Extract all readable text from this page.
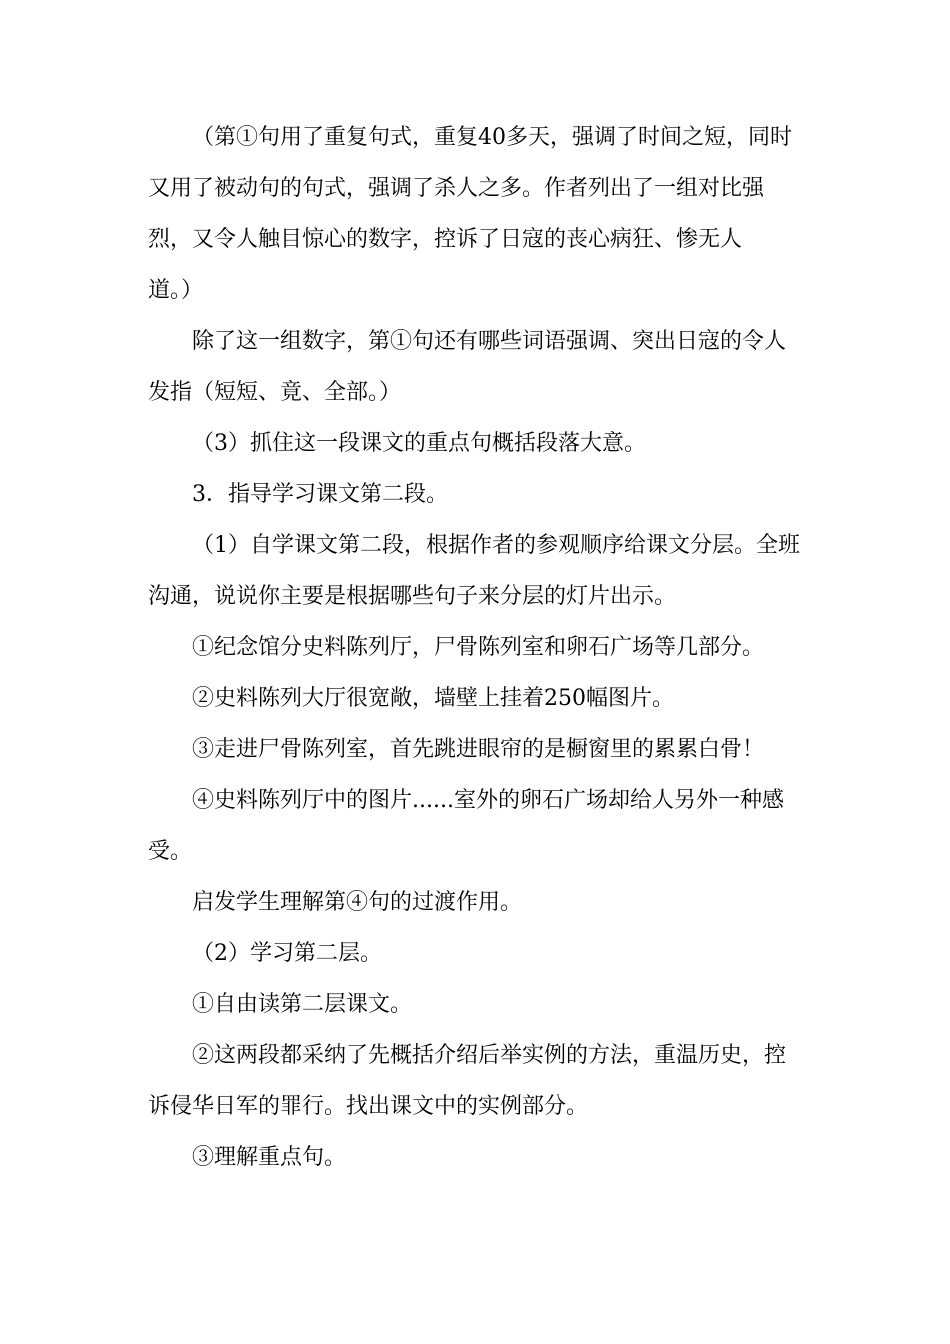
（第①句用了重复句式，重复40多天，强调了时间之短，同时又用了被动句的句式，强调了杀人之多。作者列出了一组对比强烈，又令人触目惊心的数字，控诉了日寇的丧心病狂、惨无人
道。）

除了这一组数字，第①句还有哪些词语强调、突出日寇的令人发指（短短、竟、全部。）

（3）抓住这一段课文的重点句概括段落大意。

3．指导学习课文第二段。

（1）自学课文第二段，根据作者的参观顺序给课文分层。全班沟通，说说你主要是根据哪些句子来分层的灯片出示。

①纪念馆分史料陈列厅，尸骨陈列室和卵石广场等几部分。

②史料陈列大厅很宽敞，墙壁上挂着250幅图片。

③走进尸骨陈列室，首先跳进眼帘的是橱窗里的累累白骨！

④史料陈列厅中的图片......室外的卵石广场却给人另外一种感受。

启发学生理解第④句的过渡作用。

（2）学习第二层。

①自由读第二层课文。

②这两段都采纳了先概括介绍后举实例的方法，重温历史，控诉侵华日军的罪行。找出课文中的实例部分。

③理解重点句。
